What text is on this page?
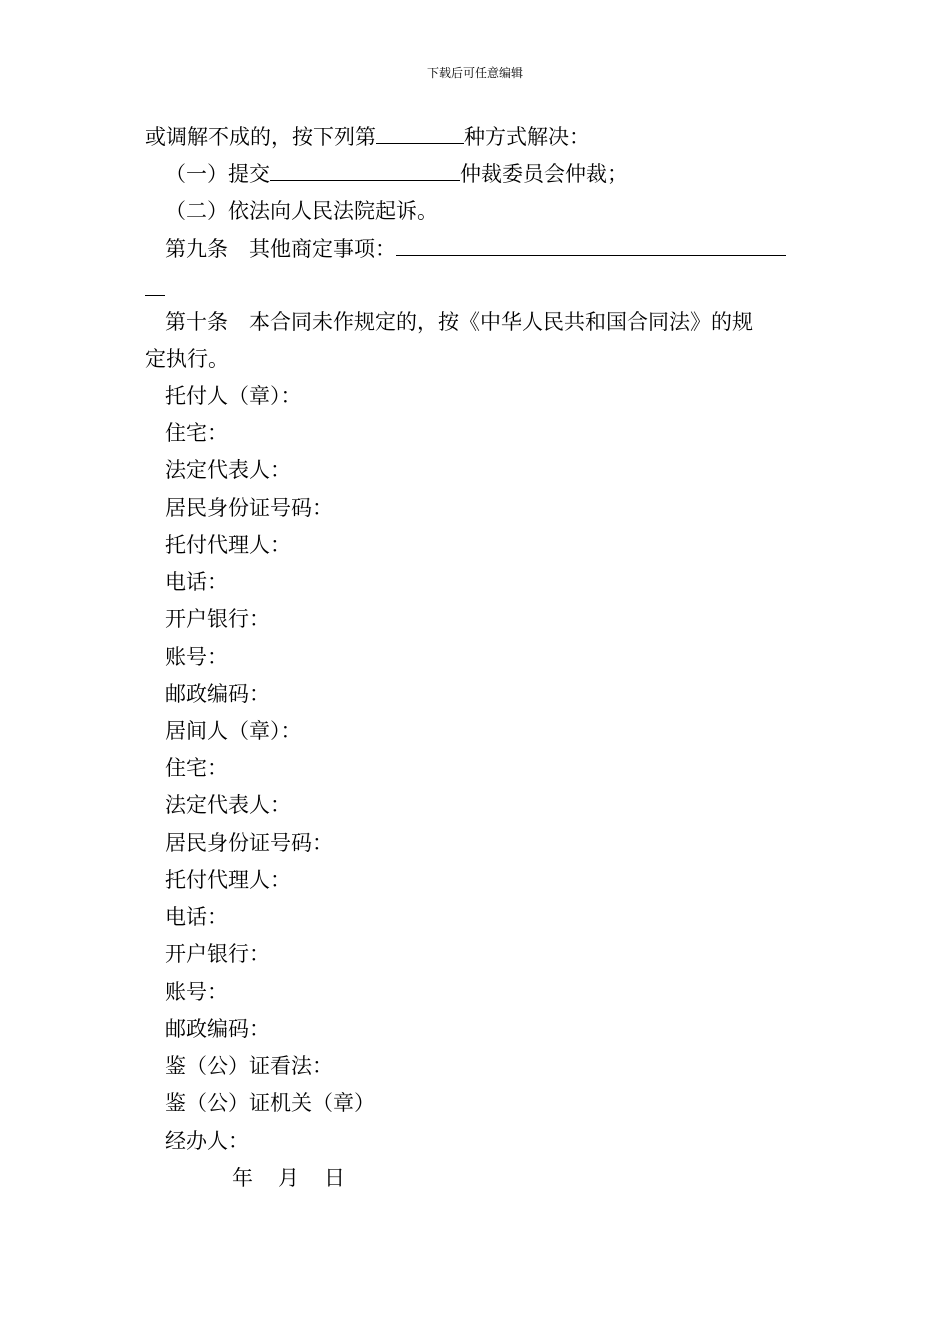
下载后可任意编辑
或调解不成的，按下列第	种方式解决：
（一）提交	仲裁委员会仲裁；
（二）依法向人民法院起诉。
第九条 其他商定事项：
第十条 本合同未作规定的，按《中华人民共和国合同法》的规
定执行。
托付人（章）：
住宅：
法定代表人：
居民身份证号码：
托付代理人：
电话：
开户银行：
账号：
邮政编码：
居间人（章）：
住宅：
法定代表人：
居民身份证号码：
托付代理人：
电话：
开户银行：
账号：
邮政编码：
鉴（公）证看法：
鉴（公）证机关（章）
经办人：
年 月 日
